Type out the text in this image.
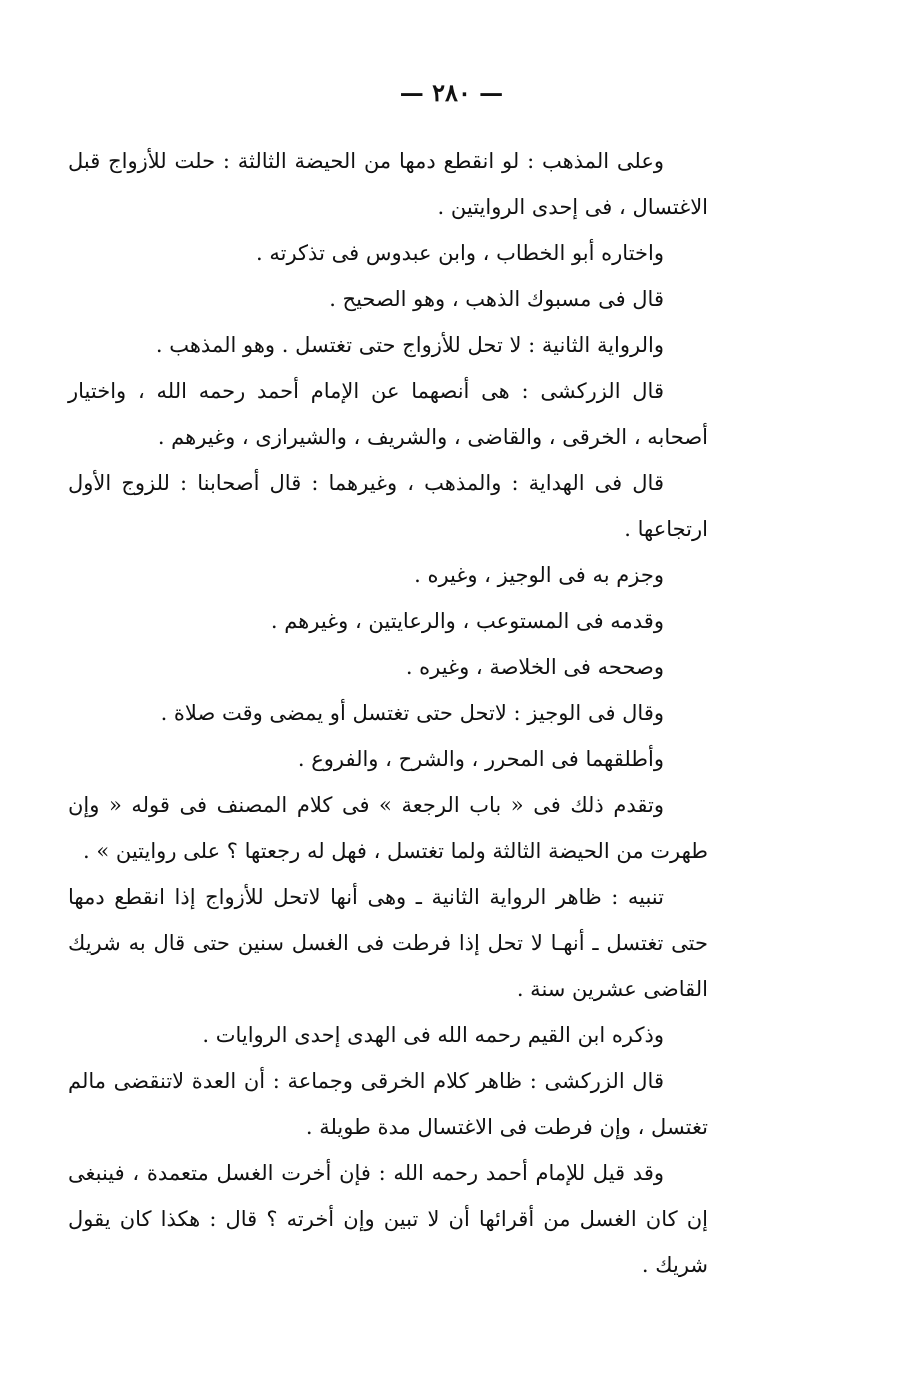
— ٢٨٠ —

وعلى المذهب : لو انقطع دمها من الحيضة الثالثة : حلت للأزواج قبل الاغتسال ، فى إحدى الروايتين .

واختاره أبو الخطاب ، وابن عبدوس فى تذكرته .

قال فى مسبوك الذهب ، وهو الصحيح .

والرواية الثانية : لا تحل للأزواج حتى تغتسل . وهو المذهب .

قال الزركشى : هى أنصهما عن الإمام أحمد رحمه الله ، واختيار أصحابه ، الخرقى ، والقاضى ، والشريف ، والشيرازى ، وغيرهم .

قال فى الهداية : والمذهب ، وغيرهما : قال أصحابنا : للزوج الأول ارتجاعها .

وجزم به فى الوجيز ، وغيره .

وقدمه فى المستوعب ، والرعايتين ، وغيرهم .

وصححه فى الخلاصة ، وغيره .

وقال فى الوجيز : لاتحل حتى تغتسل أو يمضى وقت صلاة .

وأطلقهما فى المحرر ، والشرح ، والفروع .

وتقدم ذلك فى « باب الرجعة » فى كلام المصنف فى قوله « وإن طهرت من الحيضة الثالثة ولما تغتسل ، فهل له رجعتها ؟ على روايتين » .

تنبيه : ظاهر الرواية الثانية ـ وهى أنها لاتحل للأزواج إذا انقطع دمها حتى تغتسل ـ أنهـا لا تحل إذا فرطت فى الغسل سنين حتى قال به شريك القاضى عشرين سنة .

وذكره ابن القيم رحمه الله فى الهدى إحدى الروايات .

قال الزركشى : ظاهر كلام الخرقى وجماعة : أن العدة لاتنقضى مالم تغتسل ، وإن فرطت فى الاغتسال مدة طويلة .

وقد قيل للإمام أحمد رحمه الله : فإن أخرت الغسل متعمدة ، فينبغى إن كان الغسل من أقرائها أن لا تبين وإن أخرته ؟ قال : هكذا كان يقول شريك .
